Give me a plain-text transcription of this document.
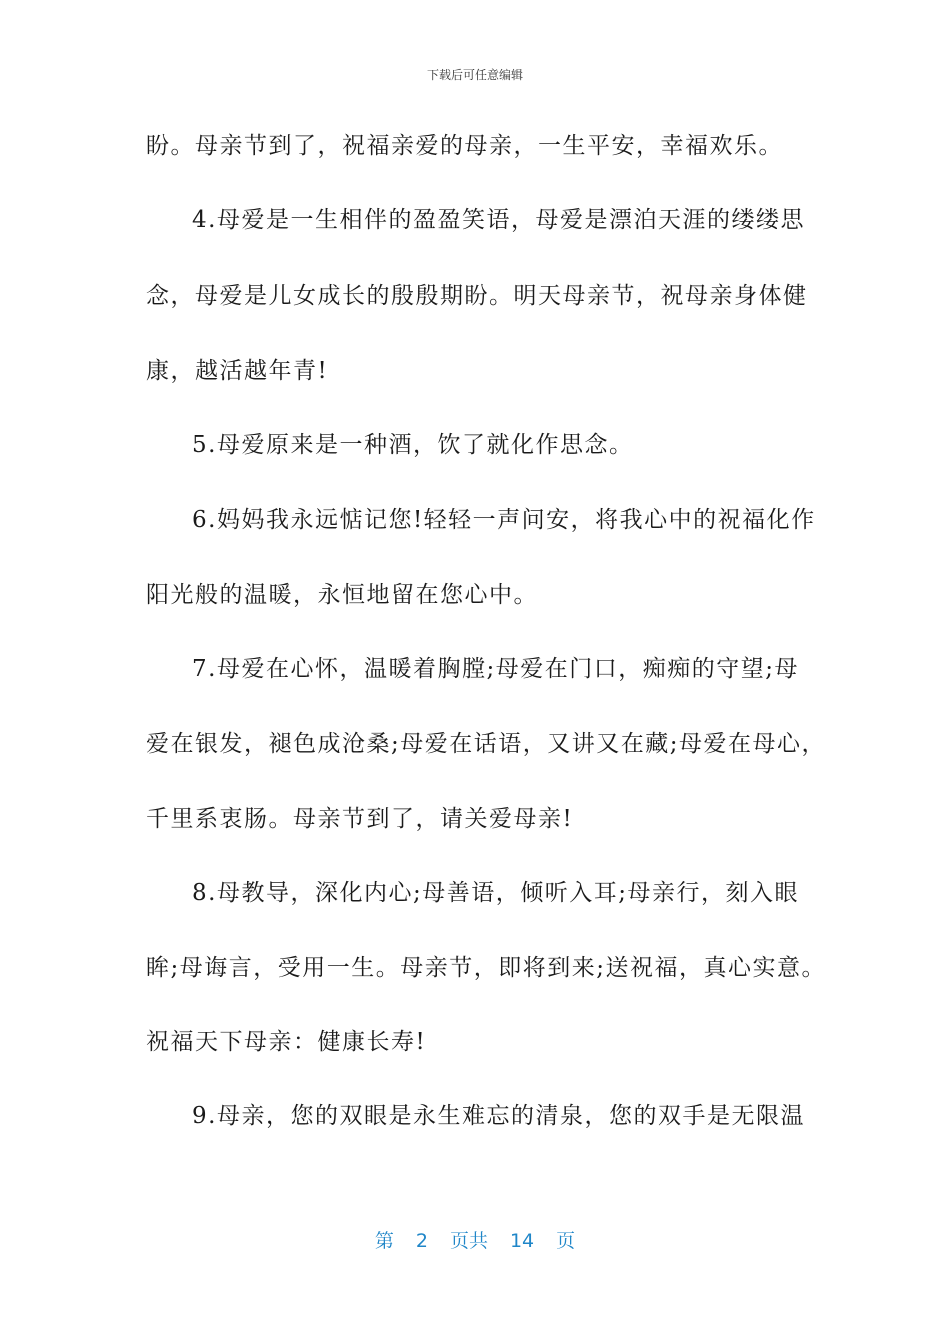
下载后可任意编辑
盼。母亲节到了，祝福亲爱的母亲，一生平安，幸福欢乐。
4.母爱是一生相伴的盈盈笑语，母爱是漂泊天涯的缕缕思
念，母爱是儿女成长的殷殷期盼。明天母亲节，祝母亲身体健
康，越活越年青!
5.母爱原来是一种酒，饮了就化作思念。
6.妈妈我永远惦记您!轻轻一声问安，将我心中的祝福化作
阳光般的温暖，永恒地留在您心中。
7.母爱在心怀，温暖着胸膛;母爱在门口，痴痴的守望;母
爱在银发，褪色成沧桑;母爱在话语，又讲又在藏;母爱在母心，
千里系衷肠。母亲节到了，请关爱母亲!
8.母教导，深化内心;母善语，倾听入耳;母亲行，刻入眼
眸;母诲言，受用一生。母亲节，即将到来;送祝福，真心实意。
祝福天下母亲：健康长寿!
9.母亲，您的双眼是永生难忘的清泉，您的双手是无限温
第 2 页共 14 页
